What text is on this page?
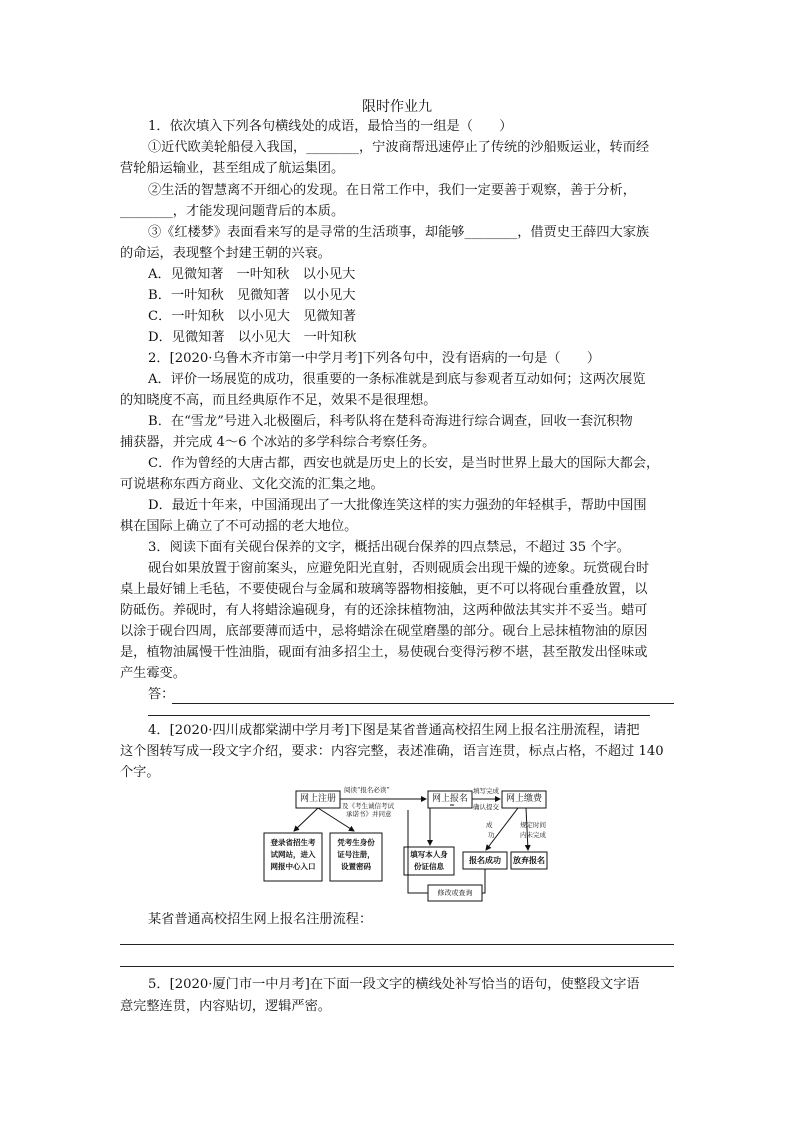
限时作业九
1．依次填入下列各句横线处的成语，最恰当的一组是（　　）
①近代欧美轮船侵入我国，________，宁波商帮迅速停止了传统的沙船贩运业，转而经
营轮船运输业，甚至组成了航运集团。
②生活的智慧离不开细心的发现。在日常工作中，我们一定要善于观察，善于分析，
________，才能发现问题背后的本质。
③《红楼梦》表面看来写的是寻常的生活琐事，却能够________，借贾史王薛四大家族
的命运，表现整个封建王朝的兴衰。
A．见微知著　一叶知秋　以小见大
B．一叶知秋　见微知著　以小见大
C．一叶知秋　以小见大　见微知著
D．见微知著　以小见大　一叶知秋
2．[2020·乌鲁木齐市第一中学月考]下列各句中，没有语病的一句是（　　）
A．评价一场展览的成功，很重要的一条标准就是到底与参观者互动如何；这两次展览
的知晓度不高，而且经典原作不足，效果不是很理想。
B．在“雪龙”号进入北极圈后，科考队将在楚科奇海进行综合调查，回收一套沉积物
捕获器，并完成 4～6 个冰站的多学科综合考察任务。
C．作为曾经的大唐古都，西安也就是历史上的长安，是当时世界上最大的国际大都会，
可说堪称东西方商业、文化交流的汇集之地。
D．最近十年来，中国涌现出了一大批像连笑这样的实力强劲的年轻棋手，帮助中国围
棋在国际上确立了不可动摇的老大地位。
3．阅读下面有关砚台保养的文字，概括出砚台保养的四点禁忌，不超过 35 个字。
砚台如果放置于窗前案头，应避免阳光直射，否则砚质会出现干燥的迹象。玩赏砚台时
桌上最好铺上毛毡，不要使砚台与金属和玻璃等器物相接触，更不可以将砚台重叠放置，以
防砥伤。养砚时，有人将蜡涂遍砚身，有的还涂抹植物油，这两种做法其实并不妥当。蜡可
以涂于砚台四周，底部要薄而适中，忌将蜡涂在砚堂磨墨的部分。砚台上忌抹植物油的原因
是，植物油属慢干性油脂，砚面有油多招尘土，易使砚台变得污秽不堪，甚至散发出怪味或
产生霉变。
答：
4．[2020·四川成都棠湖中学月考]下图是某省普通高校招生网上报名注册流程，请把
这个图转写成一段文字介绍，要求：内容完整，表述准确，语言连贯，标点占格，不超过 140
个字。
网上注册	网上报名	网上缴费
阅读“报名必读”
及《考生诚信考试
承诺书》并同意
填写完成
确认提交
登录省招生考
试网站，进入
网报中心入口
凭考生身份
证号注册，
设置密码
填写本人身
份证信息
报名成功	放弃报名
成
功
规定时间
内未完成
修改或查询
某省普通高校招生网上报名注册流程：
5．[2020·厦门市一中月考]在下面一段文字的横线处补写恰当的语句，使整段文字语
意完整连贯，内容贴切，逻辑严密。
